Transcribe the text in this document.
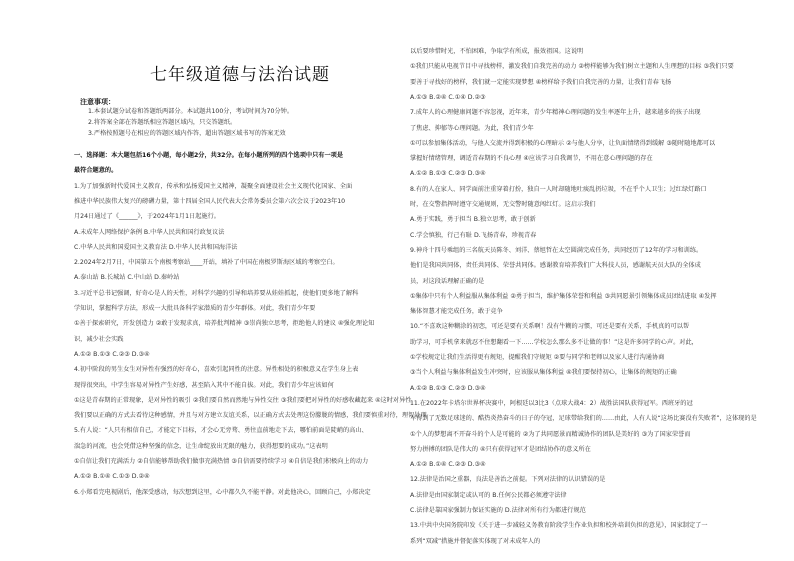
七年级道德与法治试题
注意事项：
1.本套试题分试卷和答题纸两部分。本试题共100分，考试时间为70分钟。
2.将答案全部在答题纸相应答题区域内，只交答题纸。
3.严格按照题号在相应的答题区域内作答，超出答题区域书写的答案无效
一、选择题：本大题包括16个小题，每小题2分，共32分。在每小题所列的四个选项中只有一项是
最符合题意的。
1.为了加强新时代爱国主义教育，传承和弘扬爱国主义精神，凝聚全面建设社会主义现代化国家、全面
推进中华民族伟大复兴的磅礴力量，第十四届全国人民代表大会常务委员会第六次会议于2023年10
月24日通过了《______》，于2024年1月1日起施行。
A.未成年人网络保护条例 B.中华人民共和国行政复议法
C.中华人民共和国爱国主义教育法 D.中华人民共和国海洋法
2.2024年2月7日，中国第五个南极考察站____开站，填补了中国在南极罗斯海区域的考察空白。
A.泰山站 B.长城站 C.中山站 D.秦岭站
3.习近平总书记强调，好奇心是人的天性，对科学兴趣的引导和培养要从娃娃抓起，使他们更多地了解科
学知识，掌握科学方法，形成一大批具备科学家潜质的青少年群体。对此，我们青少年要
①善于探索研究，开发创造力 ②敢于发现求真，培养批判精神 ③崇尚独立思考，拒绝他人的建议 ④强化理论知
识，减少社会实践
A.①② B.①③ C.②③ D.③④
4.初中阶段的男生女生对异性有强烈的好奇心，喜欢引起同性的注意。异性相处的积极意义在学生身上表
现得很突出，中学生容易对异性产生好感，甚至陷入其中不能自拔。对此，我们青少年应该如何
①这是青春期的正常现象，是对异性的吸引 ②我们要自然而然地与异性交往 ③我们要把对异性的好感收藏起来 ④这时对异性
我们要以正确的方式去看待这种感情，并且与对方建立友谊关系，以正确方式去处理这份朦胧的情感，我们要慎重对待，理智处理
5.有人说：“人只有相信自己，才能定下目标，才会心无旁骛、勇往直前地走下去，哪怕前面是陡峭的高山、
湍急的河流，也会凭借这种坚强的信念，让生命绽放出无限的魅力，获得想要的成功。”这表明
①自信让我们充满活力 ②自信能够帮助我们做事充满热情 ③自信需要持续学习 ④自信是我们积极向上的动力
A.①② B.①④ C.①③ D.②④
6.小郑看完电视剧后，他深受感动，每次想到这里，心中都久久不能平静。对此他决心，回顾自己，小郑决定
以后要珍惜时光，不怕困难，争取学有所成，报效祖国。这说明
①我们只能从电视节目中寻找榜样，激发我们自我完善的动力 ②榜样能够为我们树立主题和人生理想的目标 ③我们只要
要善于寻找好的榜样，我们就一定能实现梦想 ④榜样给予我们自我完善的力量，让我们青春飞扬
A.①③ B.②④ C.①④ D.②③
7.成年人的心理健康问题不容忽视，近年来，青少年精神心理问题的发生率逐年上升，越来越多的孩子出现
了焦虑、抑郁等心理问题。为此，我们青少年
①可以参加集体活动，与他人交流并得到积极的心理暗示 ②与他人分享，让负面情绪得到缓解 ③随时随地都可以
掌握好情绪管理，调适青春期的不良心理 ④应该学习自我调节，不用在意心理问题的存在
A.①② B.①③ C.②③ D.③④
8.有的人在家人、同学面前注重穿着打扮，独自一人时却随地吐痰乱扔垃圾，不在乎个人卫生；过红绿灯路口
时，在交警指挥时遵守交通规则，无交警时随意闯红灯。这启示我们
A.勇于实践，勇于担当 B.独立思考，敢于创新
C.学会慎独，行己有耻 D.飞扬青春，珍视青春
9.神舟十四号乘组的三名航天员陈冬、刘洋、蔡旭哲在太空圆满完成任务，共同经历了12年的学习和训练。
他们是我国共同体，责任共同体、荣誉共同体。感谢教育培养我们广大科技人员，感谢航天员大队的全体成
员，对这段话理解正确的是
①集体中只有个人利益服从集体利益 ②勇于担当，维护集体荣誉和利益 ③共同愿景引领集体成员团结进取 ④发挥
集体智慧才能完成任务，敢于竞争
10.“不喜欢这种糊涂的初恋，可还是要有关系啊！没有牛糊的习惯，可还是要有关系，手机真的可以帮
助学习，可手机拿来就忍不住想翻看一下……学校怎么那么多不让做的事！”这是许多同学的心声。对此，
①学校规定让我们生活得更有规矩，提醒我们守规矩 ②要与同学和老师以及家人进行沟通协商
③当个人利益与集体利益发生冲突时，应该服从集体利益 ④我们要保持初心，让集体的规矩的正确
A.①② B.①③ C.②③ D.③④
11.在2022年卡塔尔世界杯决赛中，阿根廷以3比3（点球大战4：2）战胜法国队获得冠军。西班牙的冠
军得到了无数足球迷的、酷热炎热奋斗的日子的夺冠，足球带给我们的……由此，人有人说“这场比赛没有失败者”，这体现的是
①个人的梦想离不开奋斗的个人是可能的 ②为了共同愿景而精诚协作的团队是美好的 ③为了国家荣誉而
努力拼搏的团队是伟大的 ④只有获得冠军才是团结协作的意义所在
A.①② B.①④ C.②③ D.③④
12.法律是治国之重器，良法是善治之前提。下列对法律的认识错误的是
A.法律是由国家制定或认可的 B.任何公民都必须遵守法律
C.法律是靠国家强制力保证实施的 D.法律对所有行为都进行规范
13.中共中央国务院印发《关于进一步减轻义务教育阶段学生作业负担和校外培训负担的意见》，国家制定了一
系列“双减”措施并督促落实体现了对未成年人的
